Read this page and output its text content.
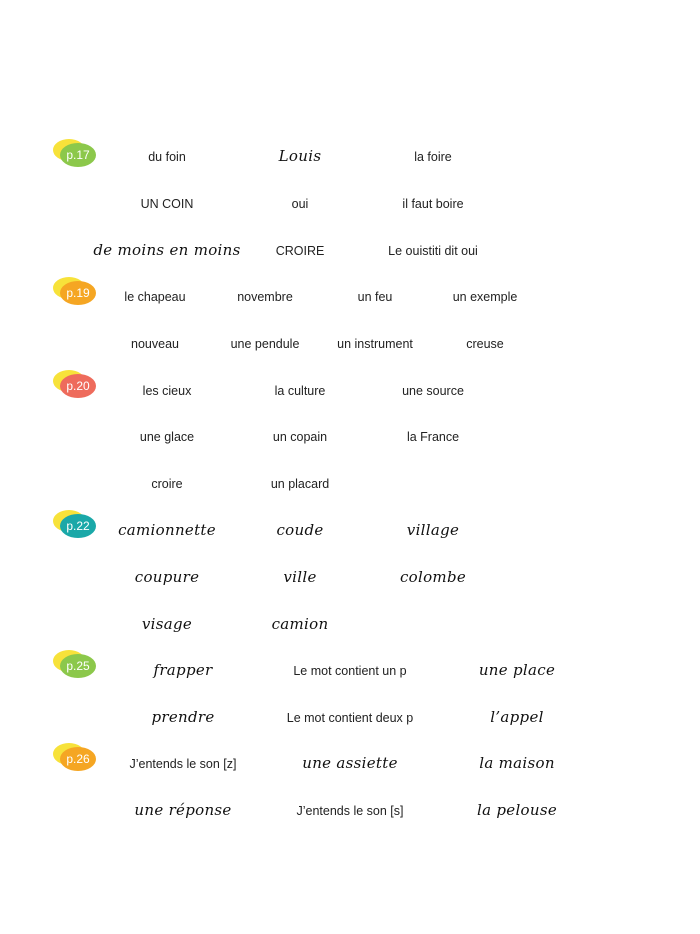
p.17
p.19
p.20
p.22
p.25
p.26
du foin	Louis	la foire
UN COIN	oui	il faut boire
de moins en moins	CROIRE	Le ouistiti dit oui
le chapeau	novembre	un feu	un exemple
nouveau	une pendule	un instrument	creuse
les cieux	la culture	une source
une glace	un copain	la France
croire	un placard
camionnette	coude	village
coupure	ville	colombe
visage	camion
frapper	Le mot contient un p	une place
prendre	Le mot contient deux p	l’appel
J’entends le son [z]	une assiette	la maison
une réponse	J’entends le son [s]	la pelouse
